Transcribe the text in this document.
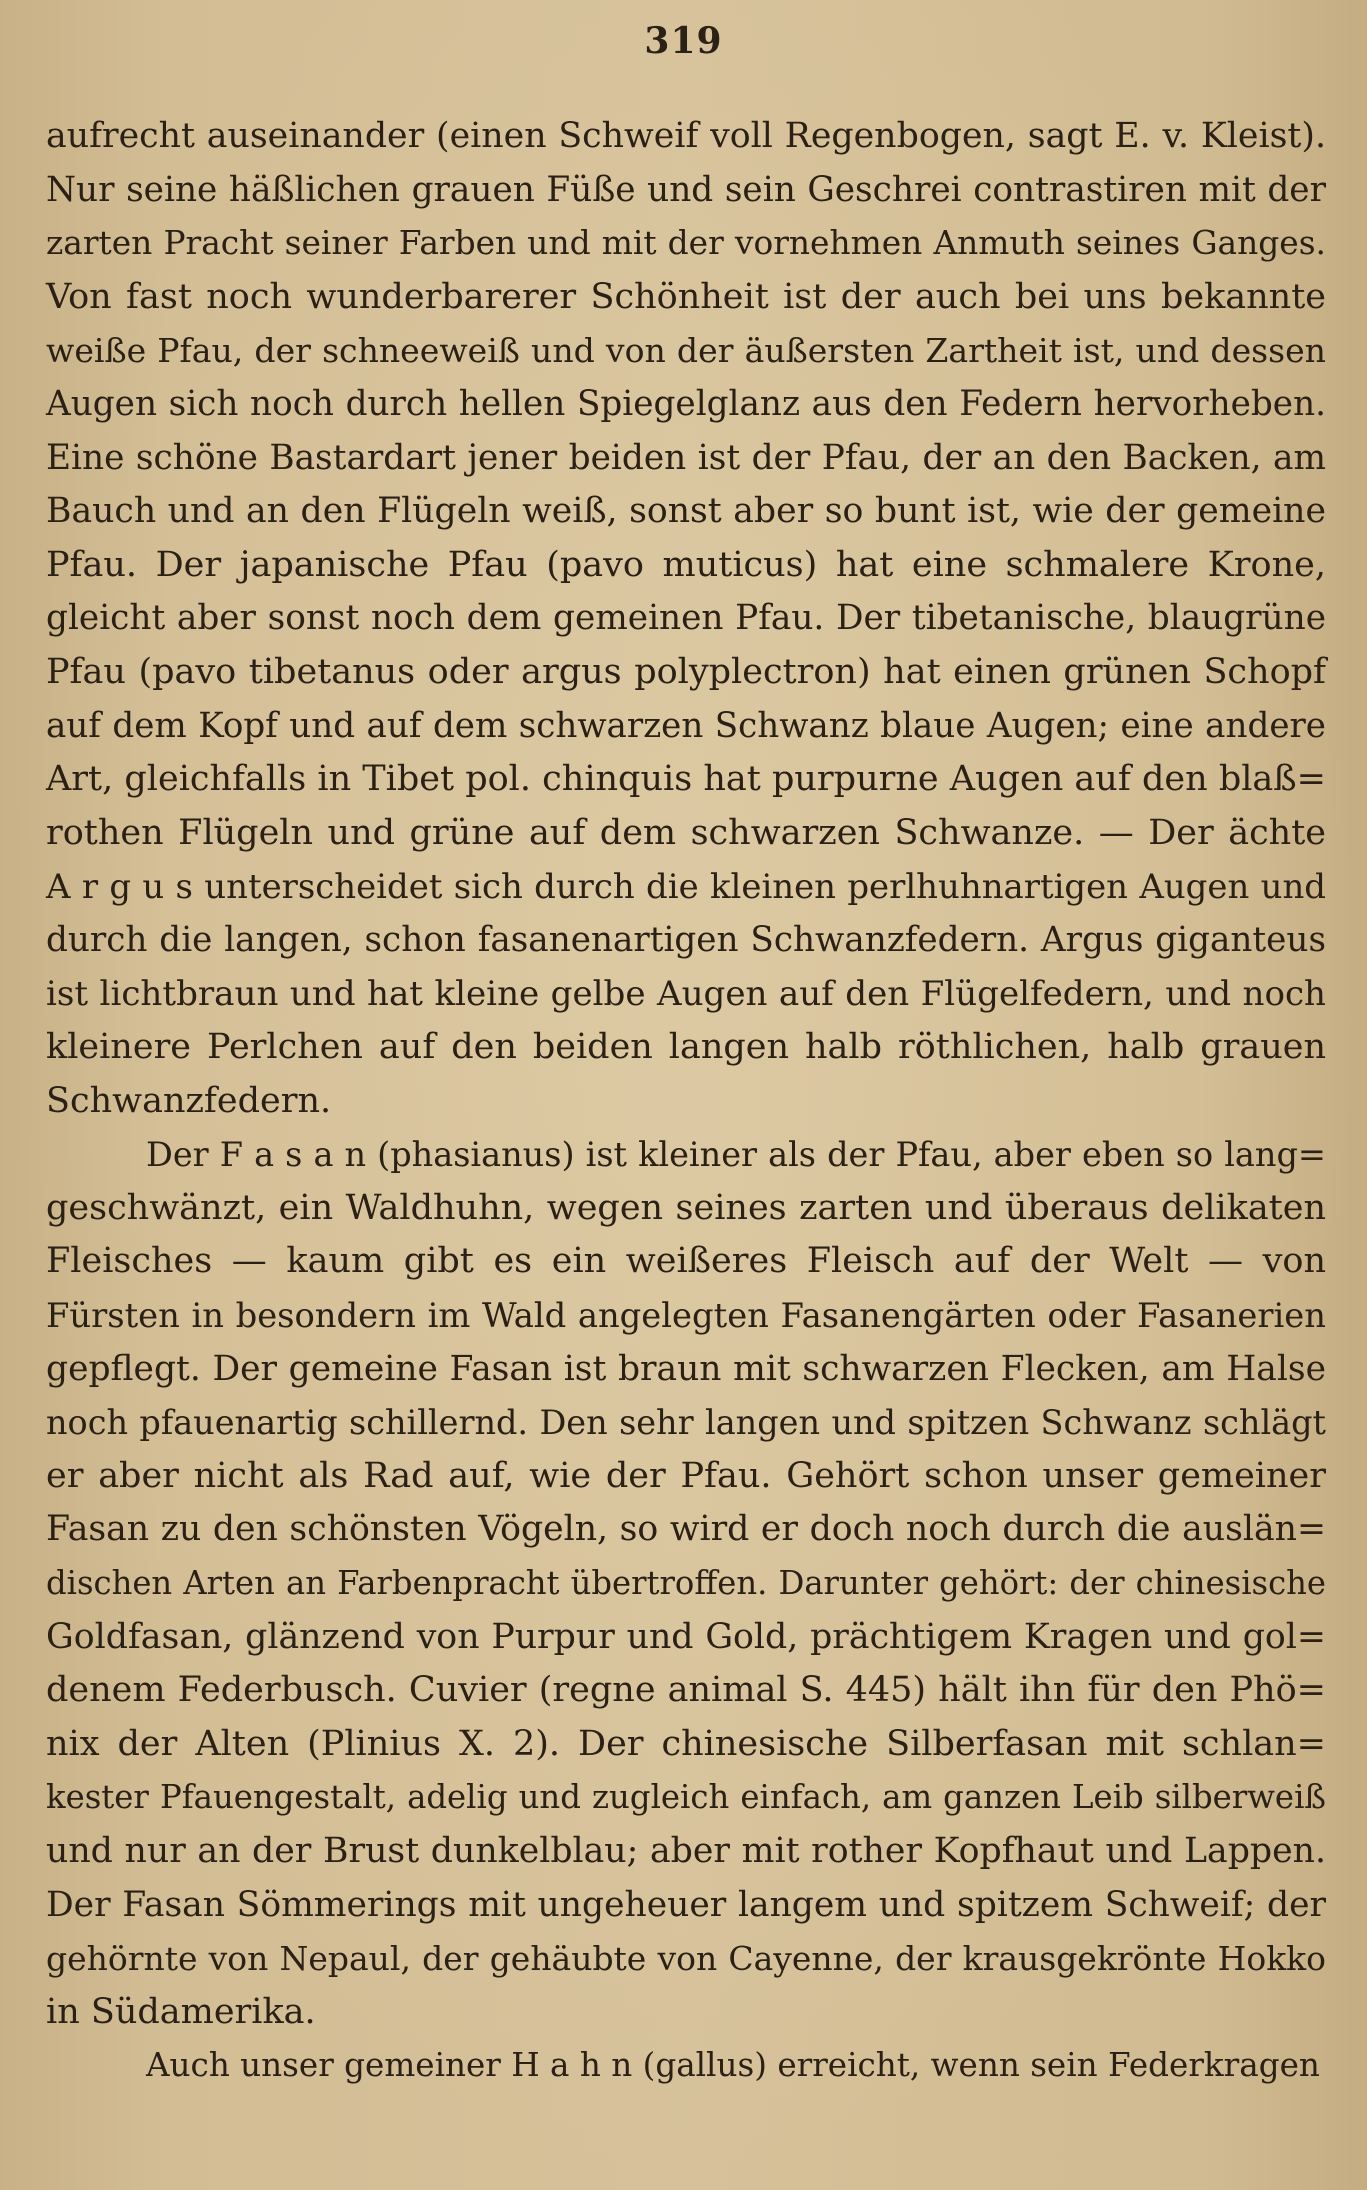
319
aufrecht auseinander (einen Schweif voll Regenbogen, sagt E. v. Kleist).
Nur seine häßlichen grauen Füße und sein Geschrei contrastiren mit der
zarten Pracht seiner Farben und mit der vornehmen Anmuth seines Ganges.
Von fast noch wunderbarerer Schönheit ist der auch bei uns bekannte
weiße Pfau, der schneeweiß und von der äußersten Zartheit ist, und dessen
Augen sich noch durch hellen Spiegelglanz aus den Federn hervorheben.
Eine schöne Bastardart jener beiden ist der Pfau, der an den Backen, am
Bauch und an den Flügeln weiß, sonst aber so bunt ist, wie der gemeine
Pfau. Der japanische Pfau (pavo muticus) hat eine schmalere Krone,
gleicht aber sonst noch dem gemeinen Pfau. Der tibetanische, blaugrüne
Pfau (pavo tibetanus oder argus polyplectron) hat einen grünen Schopf
auf dem Kopf und auf dem schwarzen Schwanz blaue Augen; eine andere
Art, gleichfalls in Tibet pol. chinquis hat purpurne Augen auf den blaß=
rothen Flügeln und grüne auf dem schwarzen Schwanze. — Der ächte
A r g u s unterscheidet sich durch die kleinen perlhuhnartigen Augen und
durch die langen, schon fasanenartigen Schwanzfedern. Argus giganteus
ist lichtbraun und hat kleine gelbe Augen auf den Flügelfedern, und noch
kleinere Perlchen auf den beiden langen halb röthlichen, halb grauen
Schwanzfedern.
Der F a s a n (phasianus) ist kleiner als der Pfau, aber eben so lang=
geschwänzt, ein Waldhuhn, wegen seines zarten und überaus delikaten
Fleisches — kaum gibt es ein weißeres Fleisch auf der Welt — von
Fürsten in besondern im Wald angelegten Fasanengärten oder Fasanerien
gepflegt. Der gemeine Fasan ist braun mit schwarzen Flecken, am Halse
noch pfauenartig schillernd. Den sehr langen und spitzen Schwanz schlägt
er aber nicht als Rad auf, wie der Pfau. Gehört schon unser gemeiner
Fasan zu den schönsten Vögeln, so wird er doch noch durch die auslän=
dischen Arten an Farbenpracht übertroffen. Darunter gehört: der chinesische
Goldfasan, glänzend von Purpur und Gold, prächtigem Kragen und gol=
denem Federbusch. Cuvier (regne animal S. 445) hält ihn für den Phö=
nix der Alten (Plinius X. 2). Der chinesische Silberfasan mit schlan=
kester Pfauengestalt, adelig und zugleich einfach, am ganzen Leib silberweiß
und nur an der Brust dunkelblau; aber mit rother Kopfhaut und Lappen.
Der Fasan Sömmerings mit ungeheuer langem und spitzem Schweif; der
gehörnte von Nepaul, der gehäubte von Cayenne, der krausgekrönte Hokko
in Südamerika.
Auch unser gemeiner H a h n (gallus) erreicht, wenn sein Federkragen
